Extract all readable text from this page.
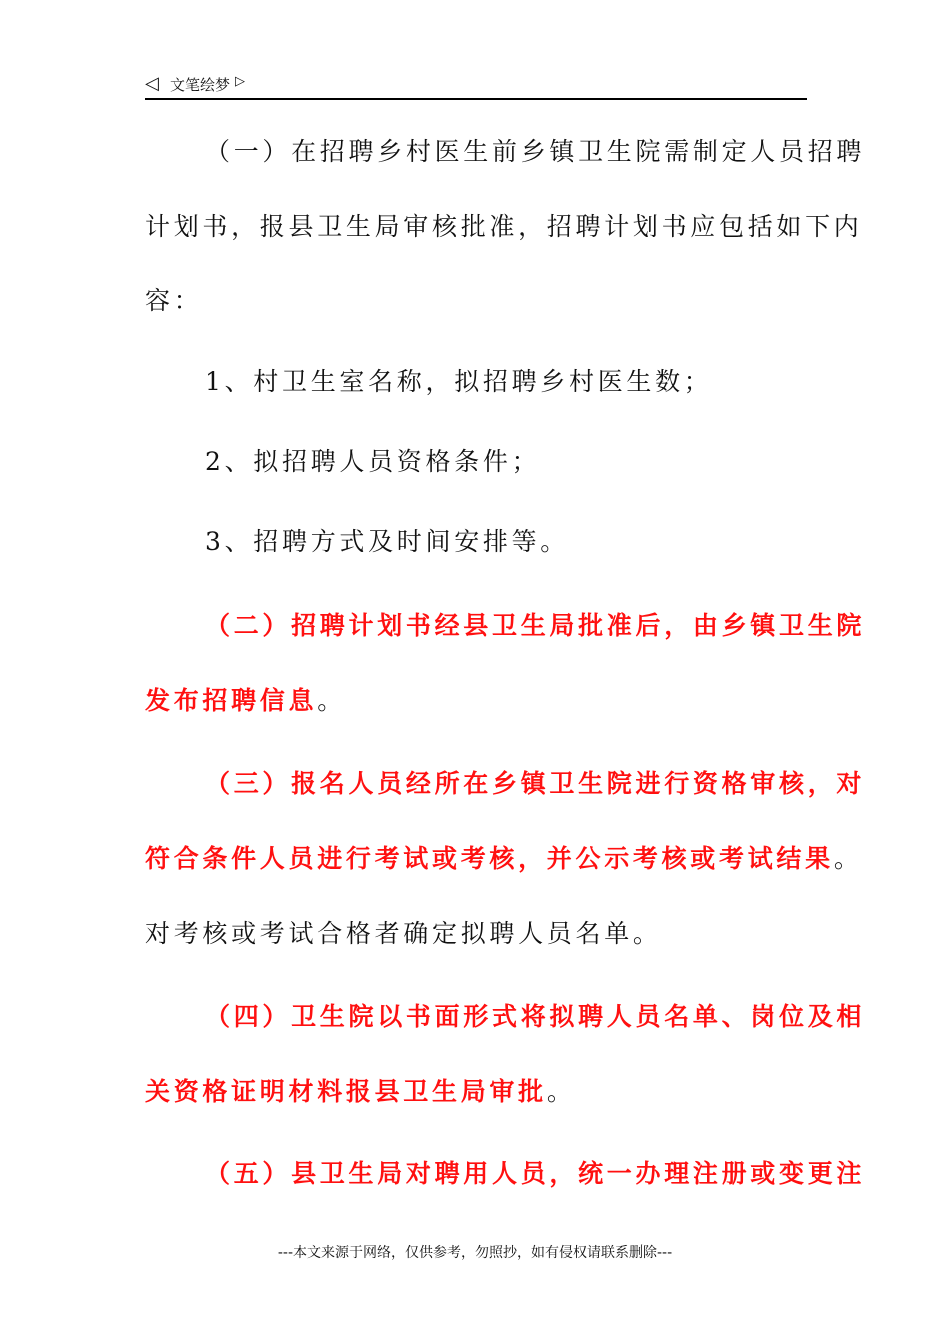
◁ 文笔绘梦 ▷
（一）在招聘乡村医生前乡镇卫生院需制定人员招聘
计划书，报县卫生局审核批准，招聘计划书应包括如下内
容：
1、村卫生室名称，拟招聘乡村医生数；
2、拟招聘人员资格条件；
3、招聘方式及时间安排等。
（二）招聘计划书经县卫生局批准后，由乡镇卫生院
发布招聘信息。
（三）报名人员经所在乡镇卫生院进行资格审核，对
符合条件人员进行考试或考核，并公示考核或考试结果。
对考核或考试合格者确定拟聘人员名单。
（四）卫生院以书面形式将拟聘人员名单、岗位及相
关资格证明材料报县卫生局审批。
（五）县卫生局对聘用人员，统一办理注册或变更注
---本文来源于网络，仅供参考，勿照抄，如有侵权请联系删除---
